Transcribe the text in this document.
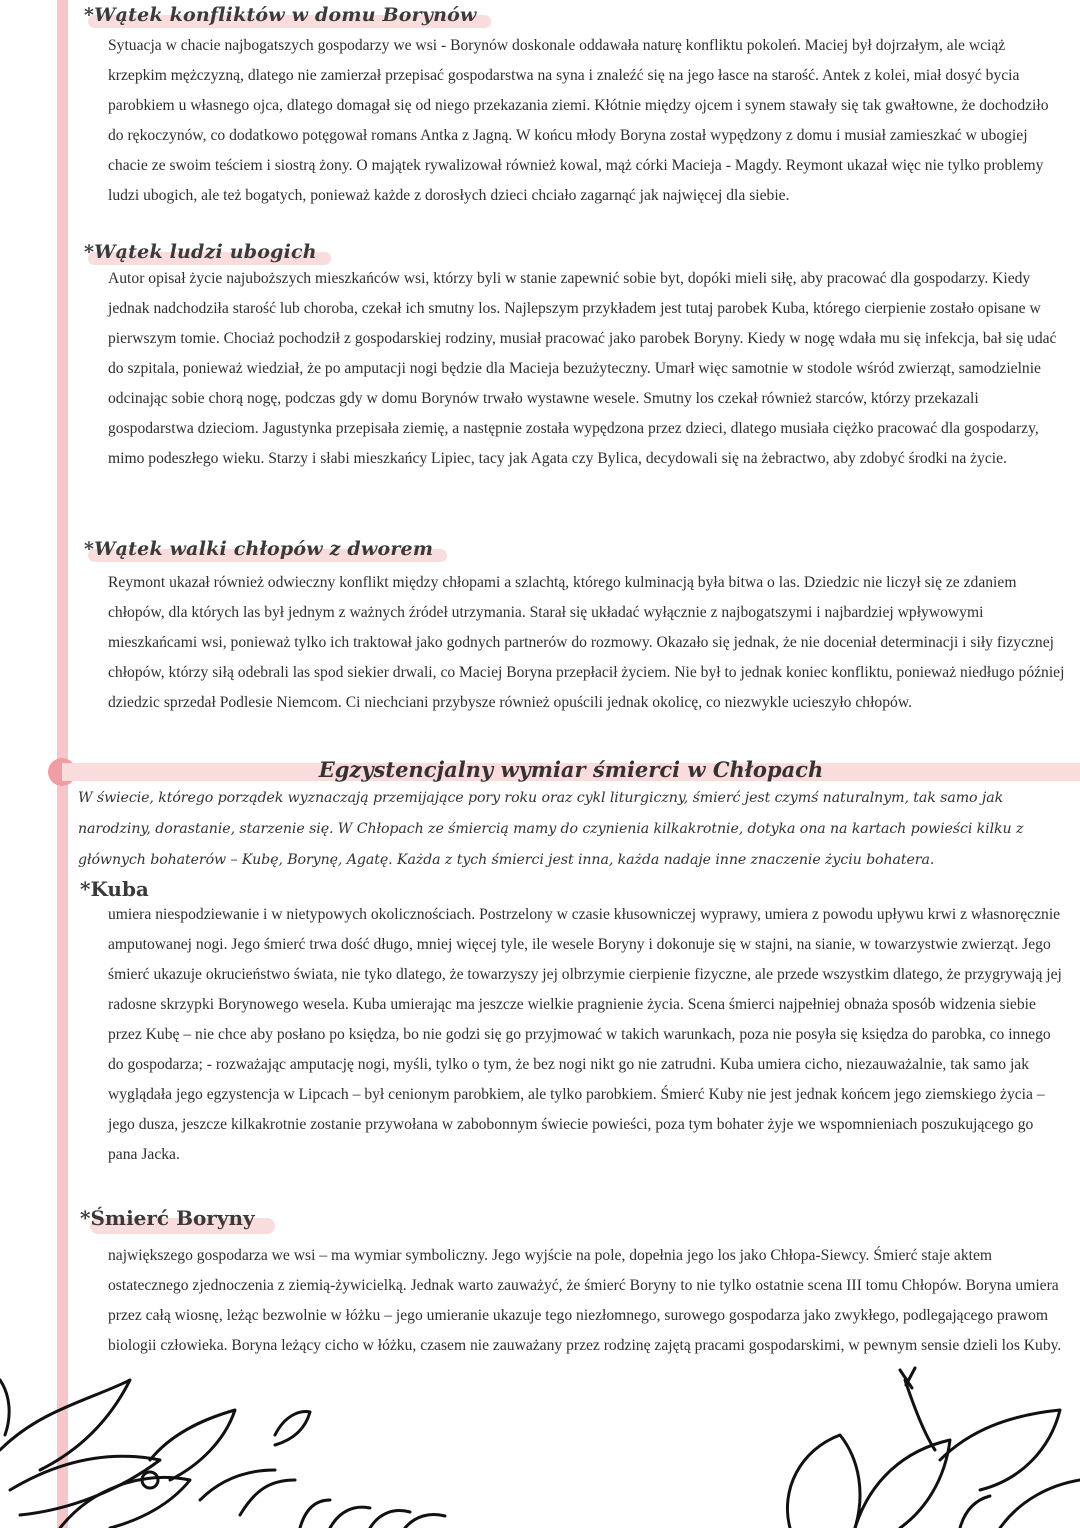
*Wątek konfliktów w domu Borynów

Sytuacja w chacie najbogatszych gospodarzy we wsi - Borynów doskonale oddawała naturę konfliktu pokoleń. Maciej był dojrzałym, ale wciąż krzepkim mężczyzną, dlatego nie zamierzał przepisać gospodarstwa na syna i znaleźć się na jego łasce na starość. Antek z kolei, miał dosyć bycia parobkiem u własnego ojca, dlatego domagał się od niego przekazania ziemi. Kłótnie między ojcem i synem stawały się tak gwałtowne, że dochodziło do rękoczynów, co dodatkowo potęgował romans Antka z Jagną. W końcu młody Boryna został wypędzony z domu i musiał zamieszkać w ubogiej chacie ze swoim teściem i siostrą żony. O majątek rywalizował również kowal, mąż córki Macieja - Magdy. Reymont ukazał więc nie tylko problemy ludzi ubogich, ale też bogatych, ponieważ każde z dorosłych dzieci chciało zagarnąć jak najwięcej dla siebie.

*Wątek ludzi ubogich

Autor opisał życie najuboższych mieszkańców wsi, którzy byli w stanie zapewnić sobie byt, dopóki mieli siłę, aby pracować dla gospodarzy. Kiedy jednak nadchodziła starość lub choroba, czekał ich smutny los. Najlepszym przykładem jest tutaj parobek Kuba, którego cierpienie zostało opisane w pierwszym tomie. Chociaż pochodził z gospodarskiej rodziny, musiał pracować jako parobek Boryny. Kiedy w nogę wdała mu się infekcja, bał się udać do szpitala, ponieważ wiedział, że po amputacji nogi będzie dla Macieja bezużyteczny. Umarł więc samotnie w stodole wśród zwierząt, samodzielnie odcinając sobie chorą nogę, podczas gdy w domu Borynów trwało wystawne wesele. Smutny los czekał również starców, którzy przekazali gospodarstwa dzieciom. Jagustynka przepisała ziemię, a następnie została wypędzona przez dzieci, dlatego musiała ciężko pracować dla gospodarzy, mimo podeszłego wieku. Starzy i słabi mieszkańcy Lipiec, tacy jak Agata czy Bylica, decydowali się na żebractwo, aby zdobyć środki na życie.

*Wątek walki chłopów z dworem

Reymont ukazał również odwieczny konflikt między chłopami a szlachtą, którego kulminacją była bitwa o las. Dziedzic nie liczył się ze zdaniem chłopów, dla których las był jednym z ważnych źródeł utrzymania. Starał się układać wyłącznie z najbogatszymi i najbardziej wpływowymi mieszkańcami wsi, ponieważ tylko ich traktował jako godnych partnerów do rozmowy. Okazało się jednak, że nie doceniał determinacji i siły fizycznej chłopów, którzy siłą odebrali las spod siekier drwali, co Maciej Boryna przepłacił życiem. Nie był to jednak koniec konfliktu, ponieważ niedługo później dziedzic sprzedał Podlesie Niemcom. Ci niechciani przybysze również opuścili jednak okolicę, co niezwykle ucieszyło chłopów.

Egzystencjalny wymiar śmierci w Chłopach

W świecie, którego porządek wyznaczają przemijające pory roku oraz cykl liturgiczny, śmierć jest czymś naturalnym, tak samo jak narodziny, dorastanie, starzenie się. W Chłopach ze śmiercią mamy do czynienia kilkakrotnie, dotyka ona na kartach powieści kilku z głównych bohaterów – Kubę, Borynę, Agatę. Każda z tych śmierci jest inna, każda nadaje inne znaczenie życiu bohatera.

*Kuba

umiera niespodziewanie i w nietypowych okolicznościach. Postrzelony w czasie kłusowniczej wyprawy, umiera z powodu upływu krwi z własnoręcznie amputowanej nogi. Jego śmierć trwa dość długo, mniej więcej tyle, ile wesele Boryny i dokonuje się w stajni, na sianie, w towarzystwie zwierząt. Jego śmierć ukazuje okrucieństwo świata, nie tyko dlatego, że towarzyszy jej olbrzymie cierpienie fizyczne, ale przede wszystkim dlatego, że przygrywają jej radosne skrzypki Borynowego wesela. Kuba umierając ma jeszcze wielkie pragnienie życia. Scena śmierci najpełniej obnaża sposób widzenia siebie przez Kubę – nie chce aby posłano po księdza, bo nie godzi się go przyjmować w takich warunkach, poza nie posyła się księdza do parobka, co innego do gospodarza; - rozważając amputację nogi, myśli, tylko o tym, że bez nogi nikt go nie zatrudni. Kuba umiera cicho, niezauważalnie, tak samo jak wyglądała jego egzystencja w Lipcach – był cenionym parobkiem, ale tylko parobkiem. Śmierć Kuby nie jest jednak końcem jego ziemskiego życia – jego dusza, jeszcze kilkakrotnie zostanie przywołana w zabobonnym świecie powieści, poza tym bohater żyje we wspomnieniach poszukującego go pana Jacka.

*Śmierć Boryny

największego gospodarza we wsi – ma wymiar symboliczny. Jego wyjście na pole, dopełnia jego los jako Chłopa-Siewcy. Śmierć staje aktem ostatecznego zjednoczenia z ziemią-żywicielką. Jednak warto zauważyć, że śmierć Boryny to nie tylko ostatnie scena III tomu Chłopów. Boryna umiera przez całą wiosnę, leżąc bezwolnie w łóżku – jego umieranie ukazuje tego niezłomnego, surowego gospodarza jako zwykłego, podlegającego prawom biologii człowieka. Boryna leżący cicho w łóżku, czasem nie zauważany przez rodzinę zajętą pracami gospodarskimi, w pewnym sensie dzieli los Kuby.
